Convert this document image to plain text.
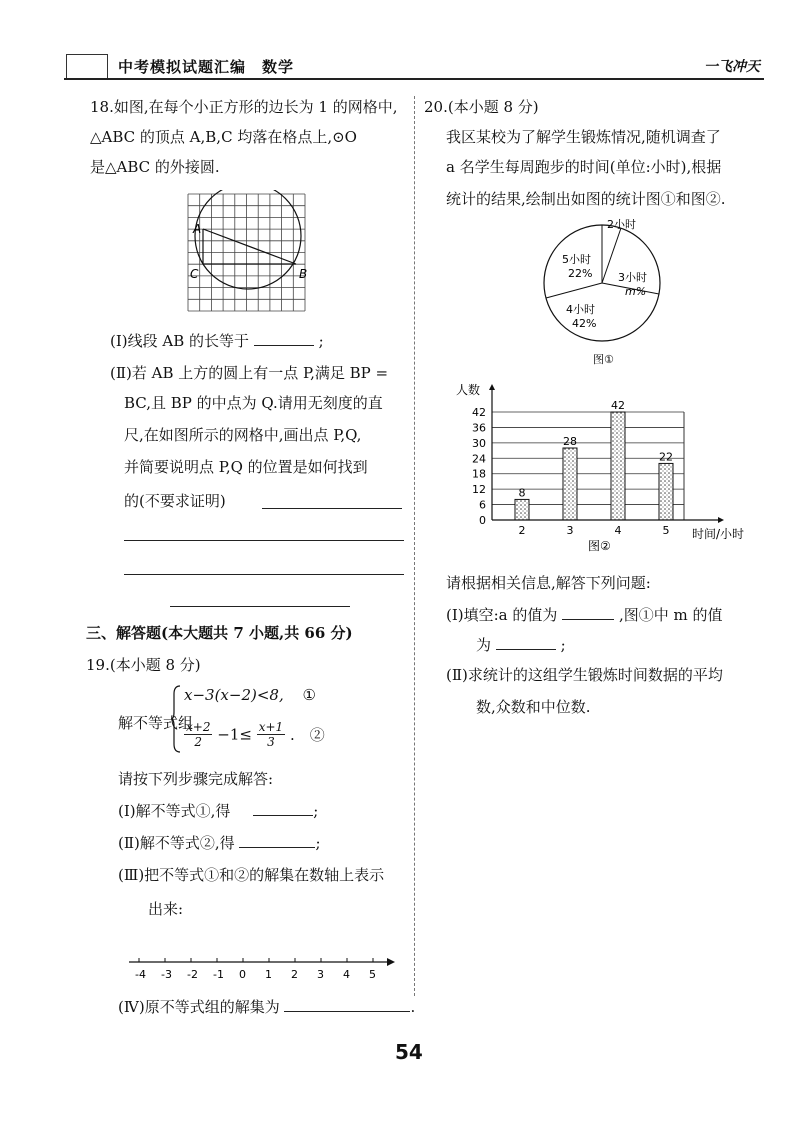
中考模拟试题汇编　数学	一飞冲天
18.如图,在每个小正方形的边长为 1 的网格中,
△ABC 的顶点 A,B,C 均落在格点上,⊙O
是△ABC 的外接圆.
A
B
C
(Ⅰ)线段 AB 的长等于	;
(Ⅱ)若 AB 上方的圆上有一点 P,满足 BP =
BC,且 BP 的中点为 Q.请用无刻度的直
尺,在如图所示的网格中,画出点 P,Q,
并简要说明点 P,Q 的位置是如何找到
的(不要求证明)
三、解答题(本大题共 7 小题,共 66 分)
19.(本小题 8 分)
解不等式组
x−3(x−2)<8, ①
$\frac{x+2}{2} -1\le \frac{x+1}{3}$ .　②
请按下列步骤完成解答:
(Ⅰ)解不等式①,得	;
(Ⅱ)解不等式②,得	;
(Ⅲ)把不等式①和②的解集在数轴上表示
出来:
-4 -3 -2 -1 0 1 2 3 4 5
(Ⅳ)原不等式组的解集为	.
20.(本小题 8 分)
我区某校为了解学生锻炼情况,随机调查了
a 名学生每周跑步的时间(单位:小时),根据
统计的结果,绘制出如图的统计图①和图②.
2小时
3小时
m%
4小时
42%
5小时
22%
图①
8
28
42
22
0
6
12
18
24
30
36
42
人数
时间/小时
图②
2	3	4	5
请根据相关信息,解答下列问题:
(Ⅰ)填空:a 的值为	,图①中 m 的值
为	;
(Ⅱ)求统计的这组学生锻炼时间数据的平均
数,众数和中位数.
54
